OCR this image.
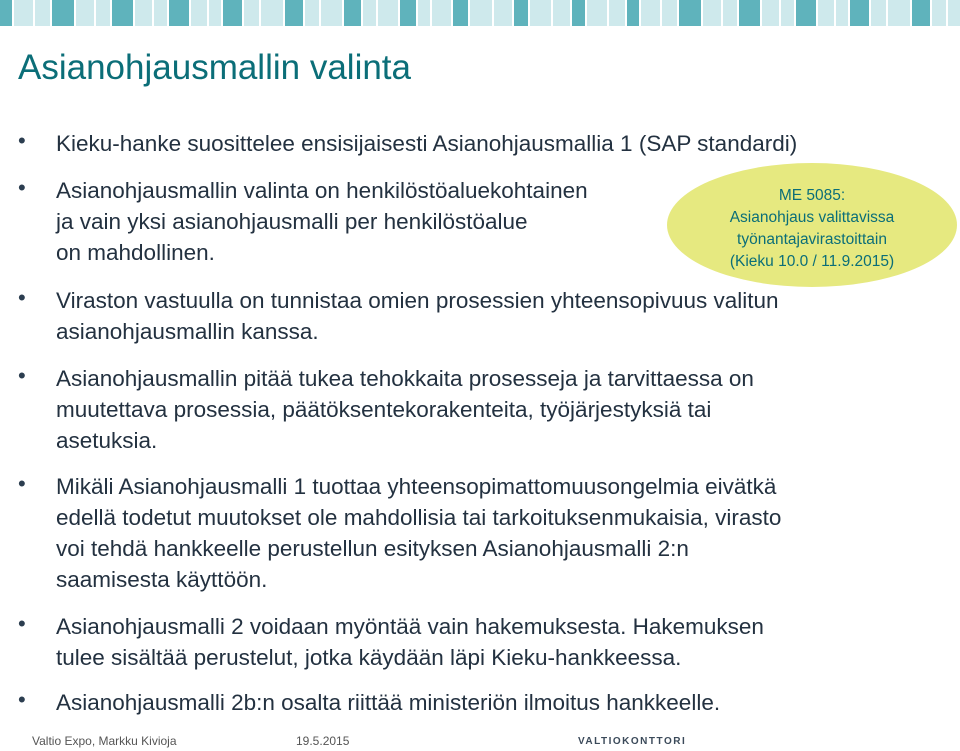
Asianohjausmallin valinta
ME 5085:
Asianohjaus valittavissa
työnantajavirastoittain
(Kieku 10.0 / 11.9.2015)
• Kieku-hanke suosittelee ensisijaisesti Asianohjausmallia 1 (SAP standardi)
• Asianohjausmallin valinta on henkilöstöaluekohtainen
ja vain yksi asianohjausmalli per henkilöstöalue
on mahdollinen.
• Viraston vastuulla on tunnistaa omien prosessien yhteensopivuus valitun
asianohjausmallin kanssa.
• Asianohjausmallin pitää tukea tehokkaita prosesseja ja tarvittaessa on
muutettava prosessia, päätöksentekorakenteita, työjärjestyksiä tai
asetuksia.
• Mikäli Asianohjausmalli 1 tuottaa yhteensopimattomuusongelmia eivätkä
edellä todetut muutokset ole mahdollisia tai tarkoituksenmukaisia, virasto
voi tehdä hankkeelle perustellun esityksen Asianohjausmalli 2:n
saamisesta käyttöön.
• Asianohjausmalli 2 voidaan myöntää vain hakemuksesta. Hakemuksen
tulee sisältää perustelut, jotka käydään läpi Kieku-hankkeessa.
• Asianohjausmalli 2b:n osalta riittää ministeriön ilmoitus hankkeelle.
Valtio Expo, Markku Kivioja	19.5.2015	VALTIOKONTTORI
